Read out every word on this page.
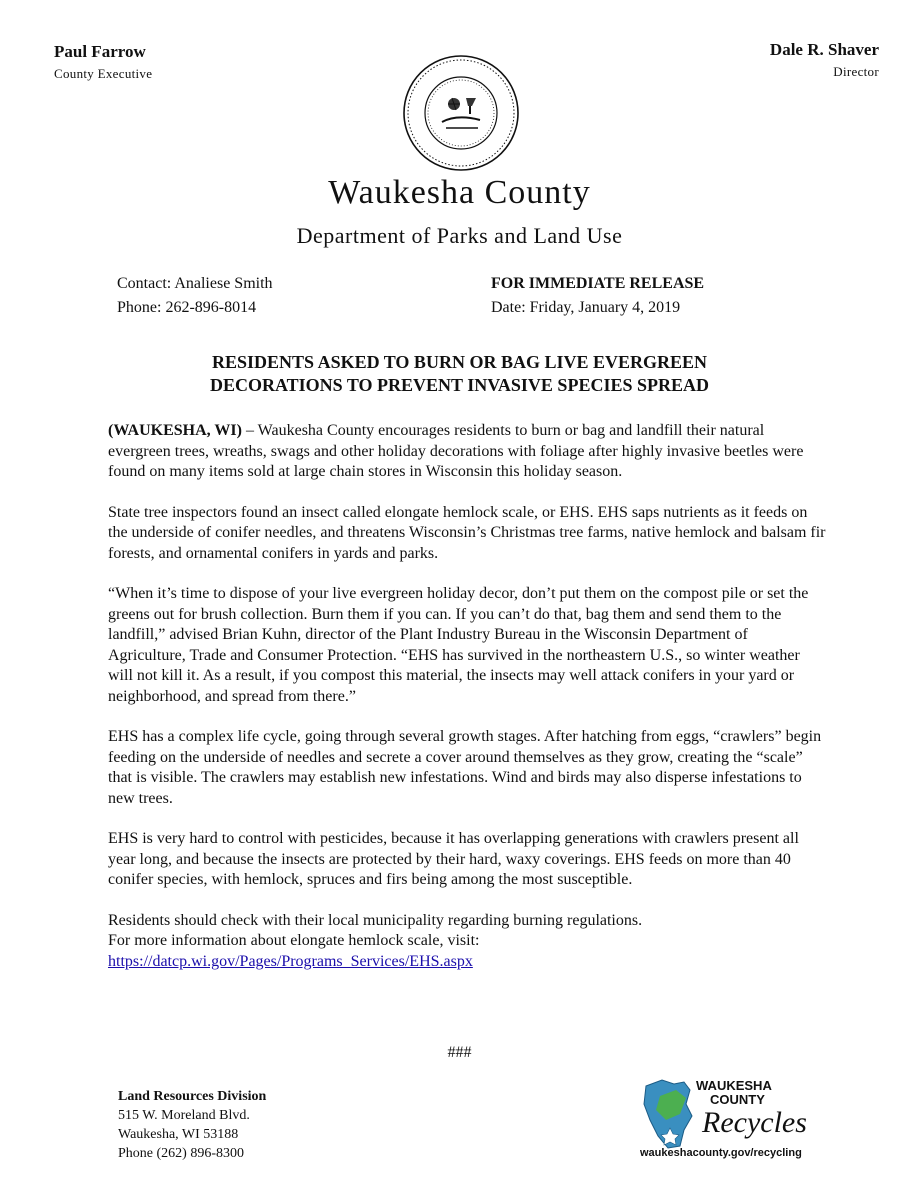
Paul Farrow
County Executive
Dale R. Shaver
Director
Waukesha County
Department of Parks and Land Use
Contact: Analiese Smith
Phone: 262-896-8014
FOR IMMEDIATE RELEASE
Date: Friday, January 4, 2019
RESIDENTS ASKED TO BURN OR BAG LIVE EVERGREEN
DECORATIONS TO PREVENT INVASIVE SPECIES SPREAD

(WAUKESHA, WI) – Waukesha County encourages residents to burn or bag and landfill their natural evergreen trees, wreaths, swags and other holiday decorations with foliage after highly invasive beetles were found on many items sold at large chain stores in Wisconsin this holiday season.

State tree inspectors found an insect called elongate hemlock scale, or EHS. EHS saps nutrients as it feeds on the underside of conifer needles, and threatens Wisconsin’s Christmas tree farms, native hemlock and balsam fir forests, and ornamental conifers in yards and parks.

“When it’s time to dispose of your live evergreen holiday decor, don’t put them on the compost pile or set the greens out for brush collection. Burn them if you can. If you can’t do that, bag them and send them to the landfill,” advised Brian Kuhn, director of the Plant Industry Bureau in the Wisconsin Department of Agriculture, Trade and Consumer Protection. “EHS has survived in the northeastern U.S., so winter weather will not kill it. As a result, if you compost this material, the insects may well attack conifers in your yard or neighborhood, and spread from there.”

EHS has a complex life cycle, going through several growth stages. After hatching from eggs, “crawlers” begin feeding on the underside of needles and secrete a cover around themselves as they grow, creating the “scale” that is visible. The crawlers may establish new infestations. Wind and birds may also disperse infestations to new trees.

EHS is very hard to control with pesticides, because it has overlapping generations with crawlers present all year long, and because the insects are protected by their hard, waxy coverings. EHS feeds on more than 40 conifer species, with hemlock, spruces and firs being among the most susceptible.

Residents should check with their local municipality regarding burning regulations.
For more information about elongate hemlock scale, visit:
https://datcp.wi.gov/Pages/Programs_Services/EHS.aspx
###
Land Resources Division
515 W. Moreland Blvd.
Waukesha, WI 53188
Phone (262) 896-8300
WAUKESHA
COUNTY
Recycles
waukeshacounty.gov/recycling
